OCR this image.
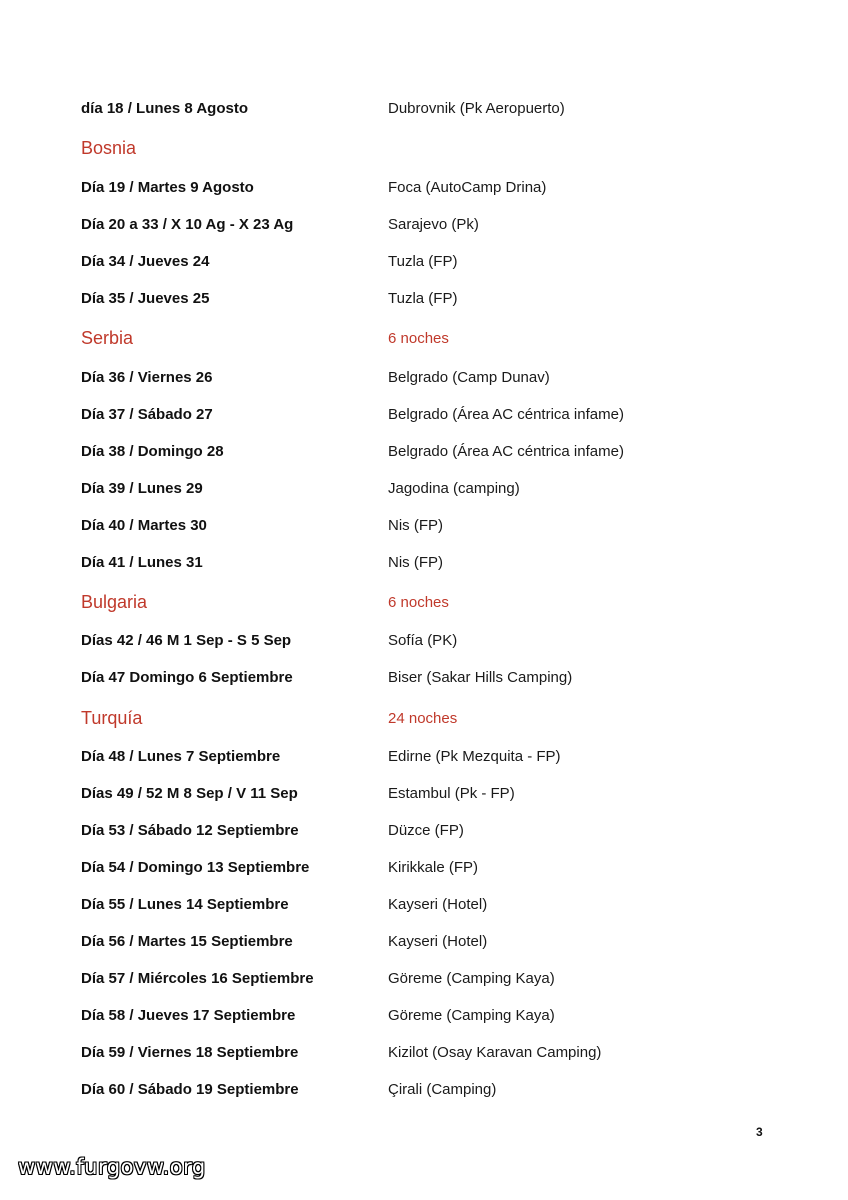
día 18 / Lunes 8 Agosto	Dubrovnik (Pk Aeropuerto)
Bosnia
Día 19 / Martes 9 Agosto	Foca (AutoCamp Drina)
Día 20 a 33 / X 10 Ag - X 23 Ag	Sarajevo (Pk)
Día 34 / Jueves 24	Tuzla (FP)
Día 35 / Jueves 25	Tuzla (FP)
Serbia	6 noches
Día 36 / Viernes 26	Belgrado (Camp Dunav)
Día 37 / Sábado 27	Belgrado (Área AC céntrica infame)
Día 38 / Domingo 28	Belgrado (Área AC céntrica infame)
Día 39 / Lunes 29	Jagodina (camping)
Día 40 / Martes 30	Nis (FP)
Día 41 / Lunes 31	Nis (FP)
Bulgaria	6 noches
Días 42 / 46 M 1 Sep - S 5 Sep	Sofía (PK)
Día 47 Domingo 6 Septiembre	Biser (Sakar Hills Camping)
Turquía	24 noches
Día 48 / Lunes 7 Septiembre	Edirne (Pk Mezquita - FP)
Días 49 / 52 M 8 Sep / V 11 Sep	Estambul (Pk - FP)
Día 53 / Sábado 12 Septiembre	Düzce (FP)
Día 54 / Domingo 13 Septiembre	Kirikkale (FP)
Día 55 / Lunes 14 Septiembre	Kayseri (Hotel)
Día 56 / Martes 15 Septiembre	Kayseri (Hotel)
Día 57 / Miércoles 16 Septiembre	Göreme (Camping Kaya)
Día 58 / Jueves 17 Septiembre	Göreme (Camping Kaya)
Día 59 / Viernes 18 Septiembre	Kizilot (Osay Karavan Camping)
Día 60 / Sábado 19 Septiembre	Çirali (Camping)
3
www.furgovw.org
